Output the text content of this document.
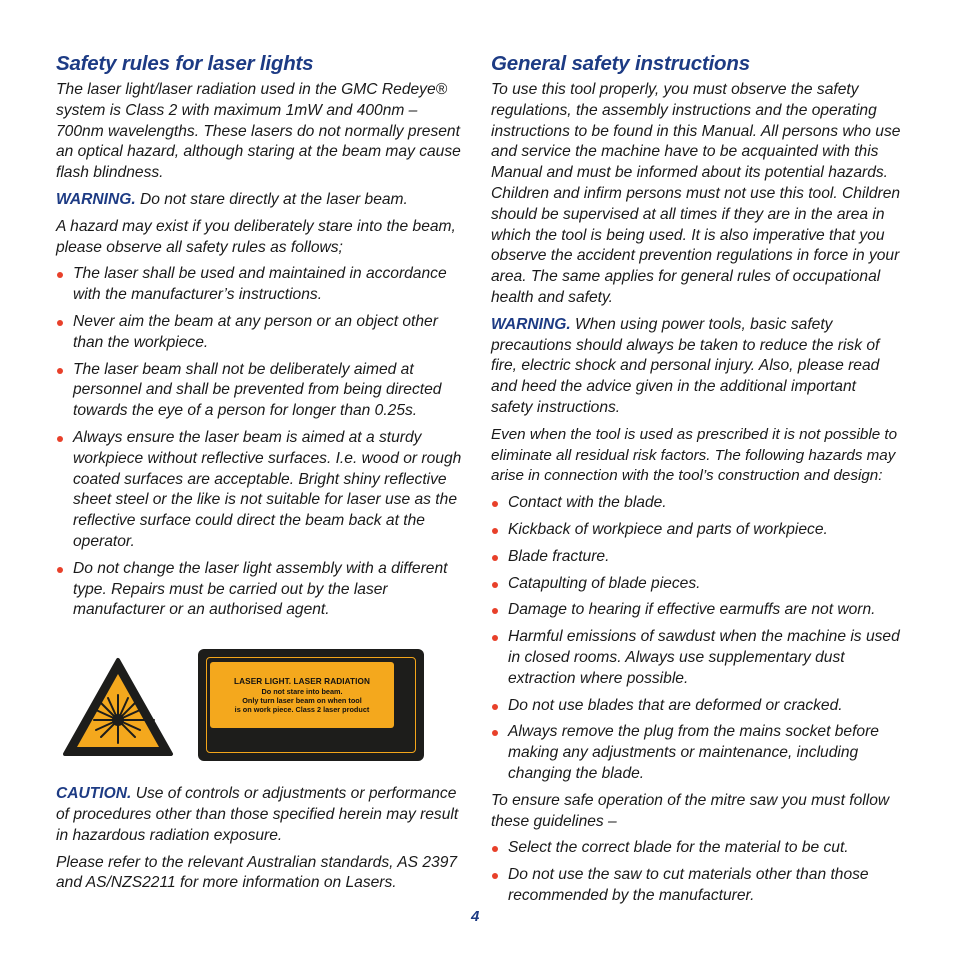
Safety rules for laser lights

The laser light/laser radiation used in the GMC Redeye® system is Class 2 with maximum 1mW and 400nm – 700nm wavelengths. These lasers do not normally present an optical hazard, although staring at the beam may cause flash blindness.

WARNING. Do not stare directly at the laser beam.

A hazard may exist if you deliberately stare into the beam, please observe all safety rules as follows;

The laser shall be used and maintained in accordance with the manufacturer’s instructions.
Never aim the beam at any person or an object other than the workpiece.
The laser beam shall not be deliberately aimed at personnel and shall be prevented from being directed towards the eye of a person for longer than 0.25s.
Always ensure the laser beam is aimed at a sturdy workpiece without reflective surfaces. I.e. wood or rough coated surfaces are acceptable. Bright shiny reflective sheet steel or the like is not suitable for laser use as the reflective surface could direct the beam back at the operator.
Do not change the laser light assembly with a different type. Repairs must be carried out by the laser manufacturer or an authorised agent.
LASER LIGHT. LASER RADIATION
Do not stare into beam.
Only turn laser beam on when tool
is on work piece. Class 2 laser product

CAUTION. Use of controls or adjustments or performance of procedures other than those specified herein may result in hazardous radiation exposure.

Please refer to the relevant Australian standards, AS 2397 and AS/NZS2211 for more information on Lasers.

General safety instructions

To use this tool properly, you must observe the safety regulations, the assembly instructions and the operating instructions to be found in this Manual. All persons who use and service the machine have to be acquainted with this Manual and must be informed about its potential hazards. Children and infirm persons must not use this tool. Children should be supervised at all times if they are in the area in which the tool is being used. It is also imperative that you observe the accident prevention regulations in force in your area. The same applies for general rules of occupational health and safety.

WARNING. When using power tools, basic safety precautions should always be taken to reduce the risk of fire, electric shock and personal injury. Also, please read and heed the advice given in the additional important safety instructions.

Even when the tool is used as prescribed it is not possible to eliminate all residual risk factors. The following hazards may arise in connection with the tool’s construction and design:

Contact with the blade.
Kickback of workpiece and parts of workpiece.
Blade fracture.
Catapulting of blade pieces.
Damage to hearing if effective earmuffs are not worn.
Harmful emissions of sawdust when the machine is used in closed rooms. Always use supplementary dust extraction where possible.
Do not use blades that are deformed or cracked.
Always remove the plug from the mains socket before making any adjustments or maintenance, including changing the blade.

To ensure safe operation of the mitre saw you must follow these guidelines –

Select the correct blade for the material to be cut.
Do not use the saw to cut materials other than those recommended by the manufacturer.
4
